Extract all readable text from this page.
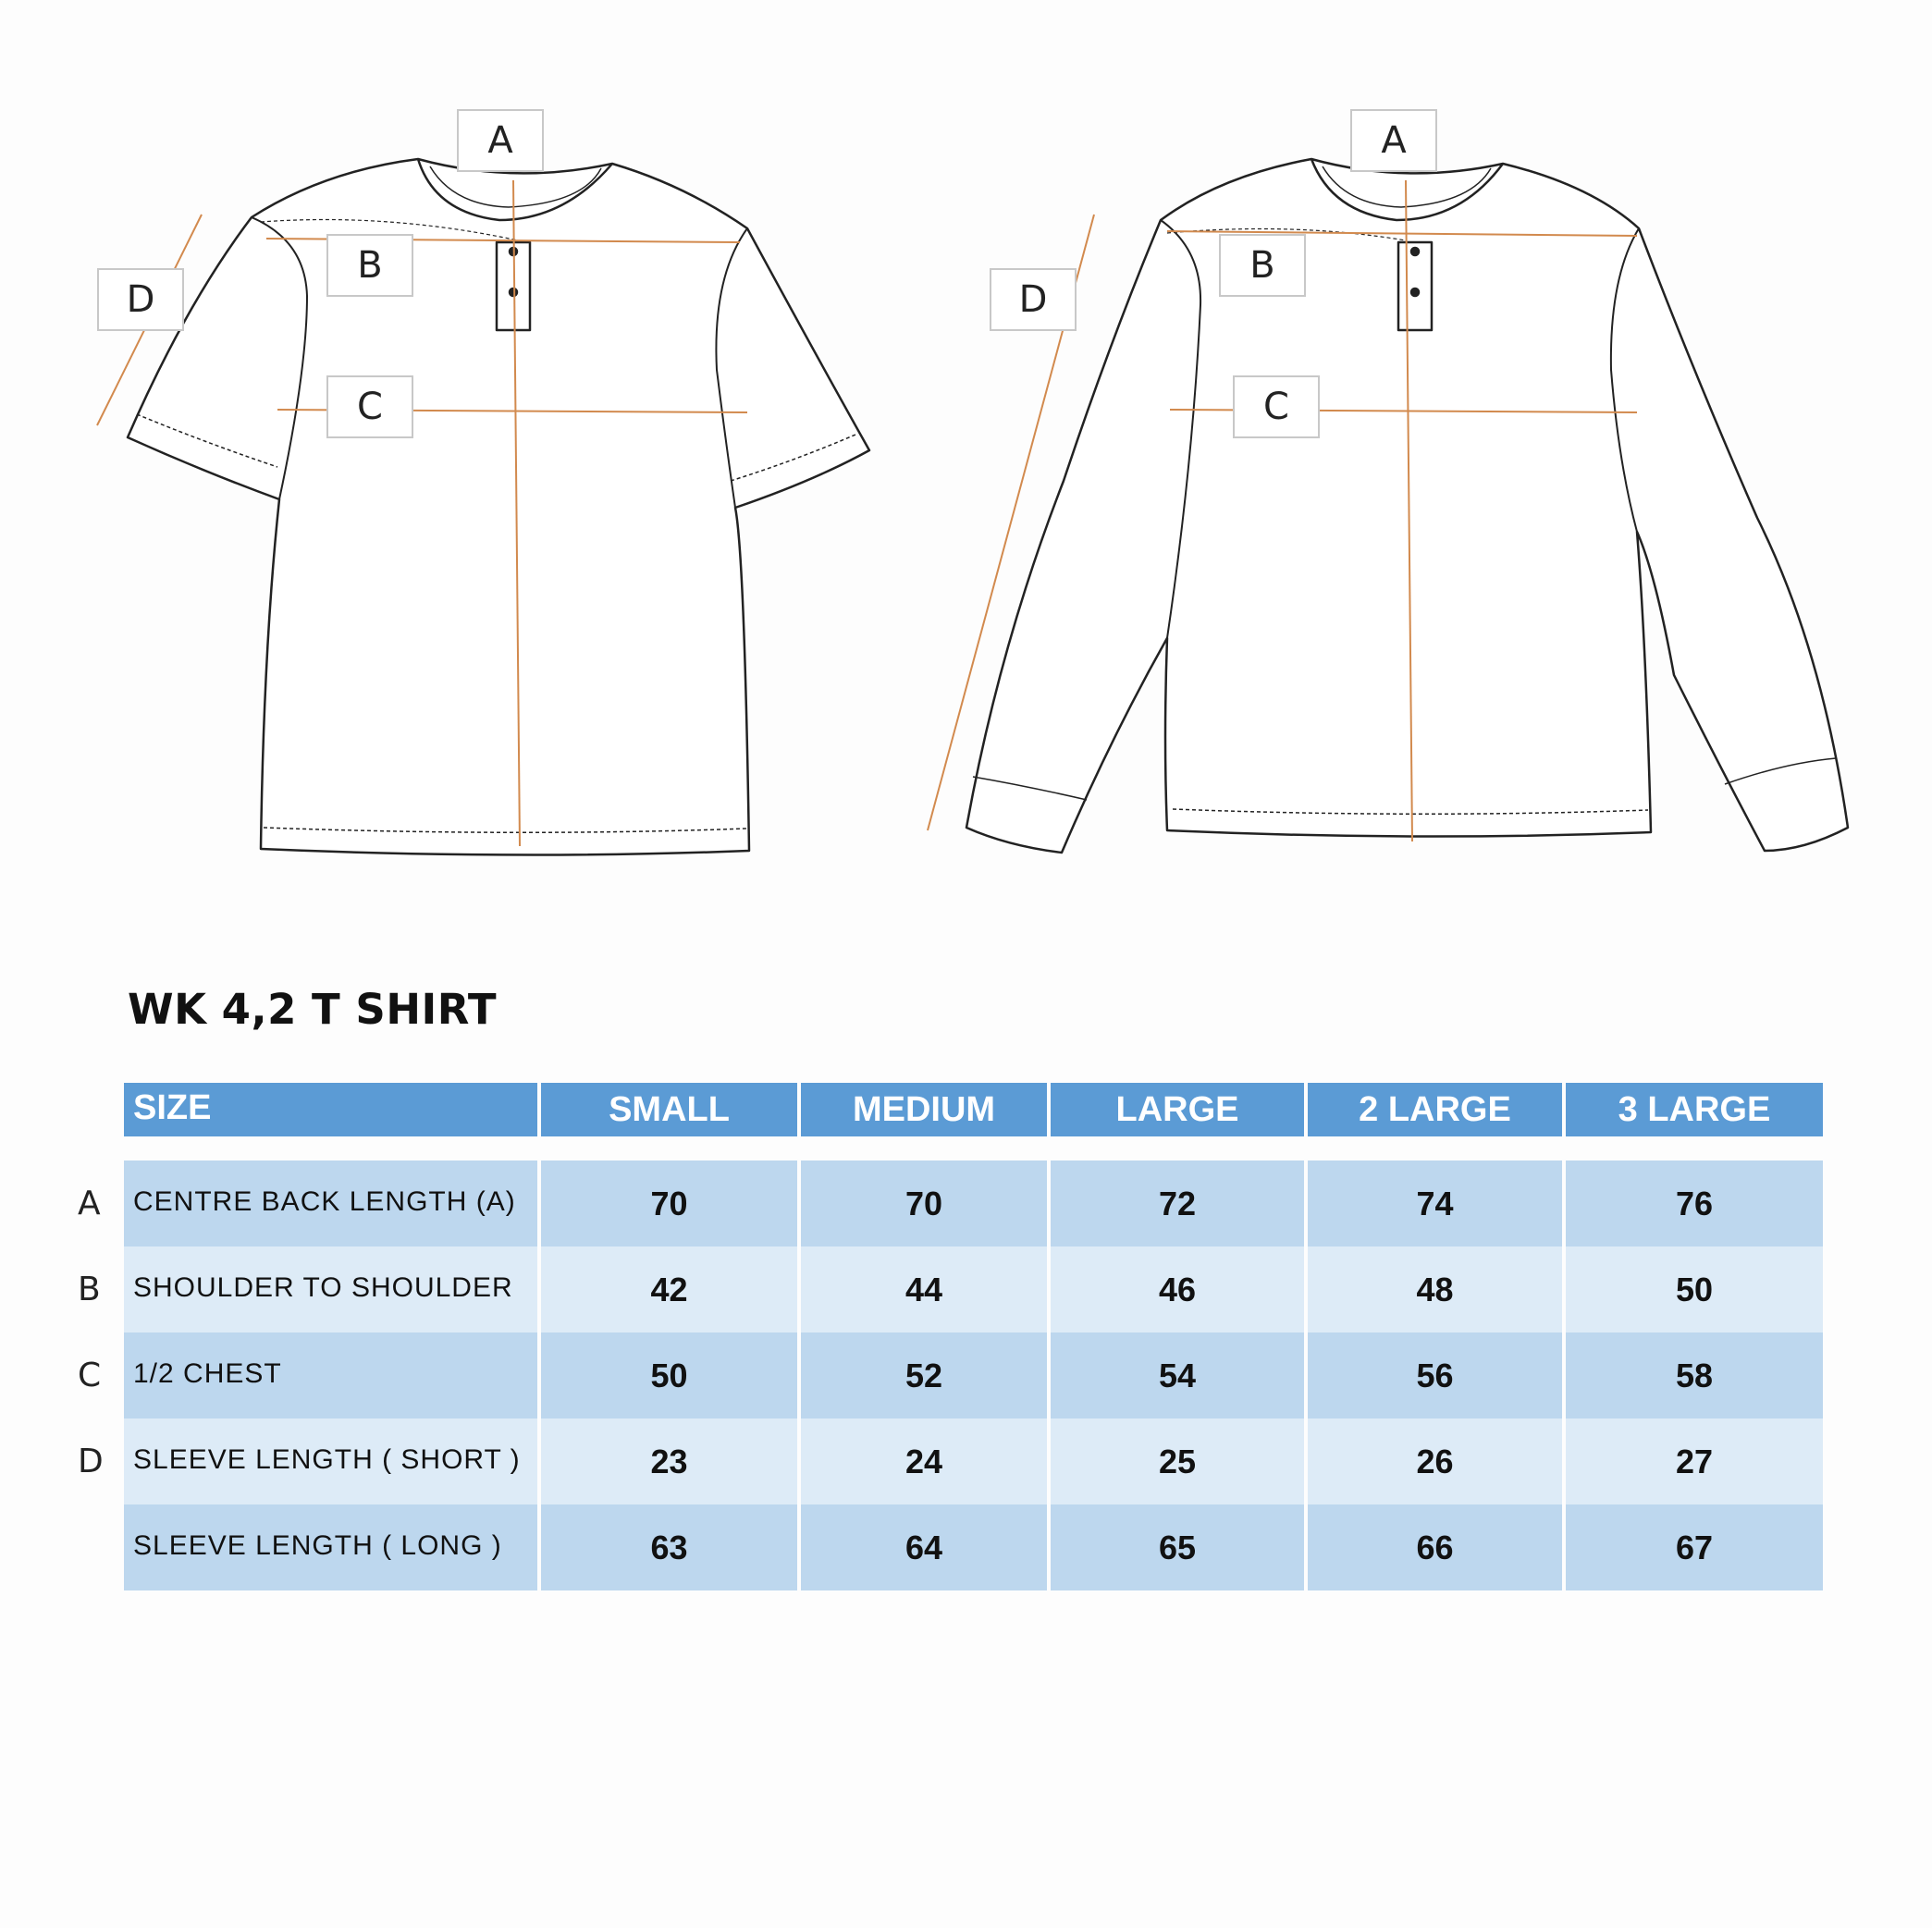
A
B
C
D
A
B
C
D
WK 4,2 T SHIRT
A
B
C
D
SIZE	SMALL	MEDIUM	LARGE	2 LARGE	3 LARGE
CENTRE BACK LENGTH (A)	70	70	72	74	76
SHOULDER TO SHOULDER	42	44	46	48	50
1/2 CHEST	50	52	54	56	58
SLEEVE LENGTH ( SHORT )	23	24	25	26	27
SLEEVE LENGTH ( LONG )	63	64	65	66	67
